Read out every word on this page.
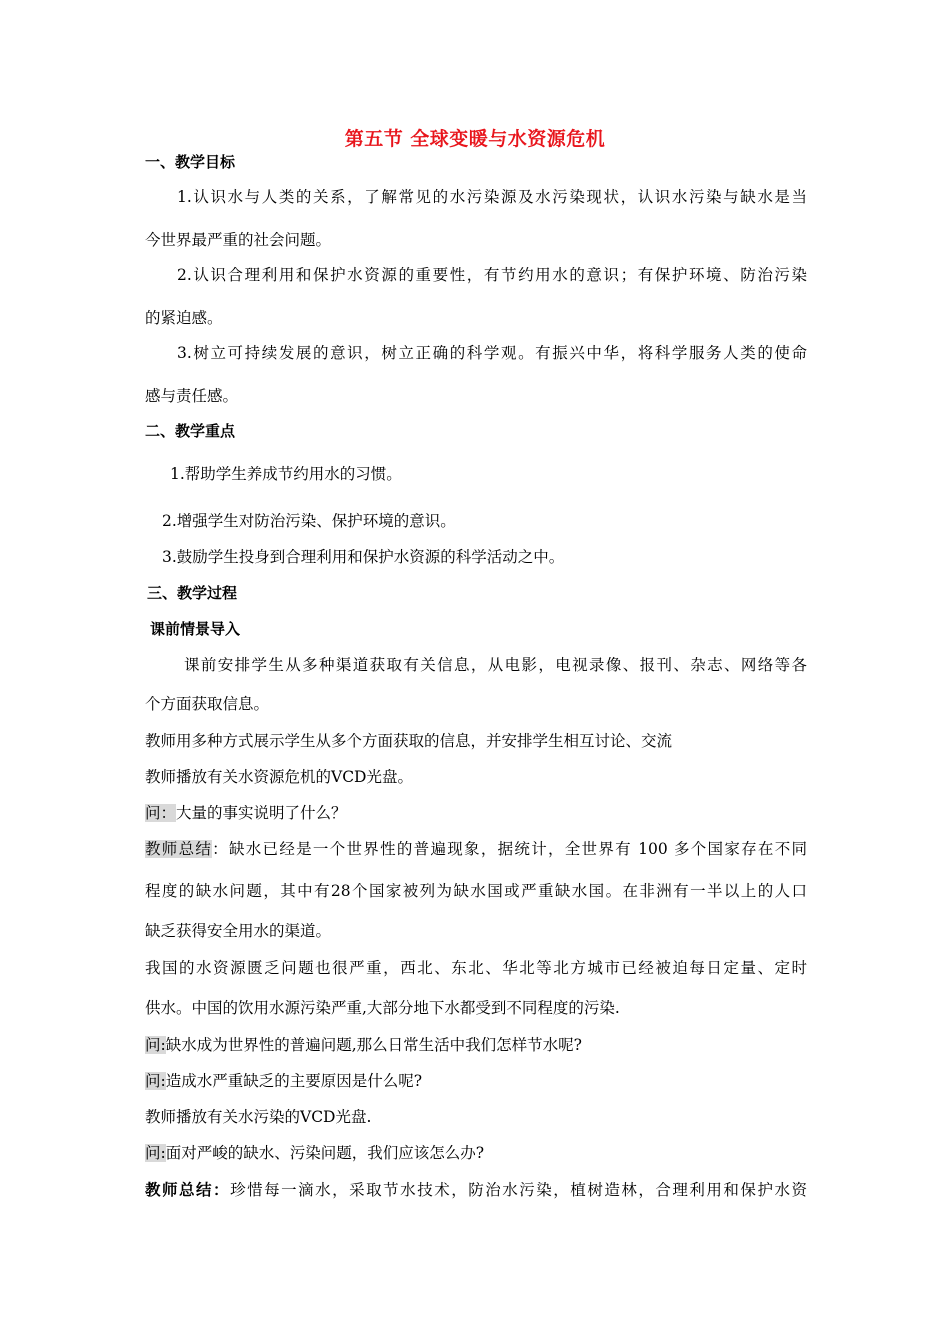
第五节 全球变暖与水资源危机
一、教学目标
1.认识水与人类的关系，了解常见的水污染源及水污染现状，认识水污染与缺水是当
今世界最严重的社会问题。
2.认识合理利用和保护水资源的重要性，有节约用水的意识；有保护环境、防治污染
的紧迫感。
3.树立可持续发展的意识，树立正确的科学观。有振兴中华，将科学服务人类的使命
感与责任感。
二、教学重点
1.帮助学生养成节约用水的习惯。
2.增强学生对防治污染、保护环境的意识。
3.鼓励学生投身到合理利用和保护水资源的科学活动之中。
三、教学过程
课前情景导入
课前安排学生从多种渠道获取有关信息，从电影，电视录像、报刊、杂志、网络等各
个方面获取信息。
教师用多种方式展示学生从多个方面获取的信息，并安排学生相互讨论、交流
教师播放有关水资源危机的VCD光盘。
问：大量的事实说明了什么？
教师总结：缺水已经是一个世界性的普遍现象，据统计，全世界有 100 多个国家存在不同
程度的缺水问题，其中有28个国家被列为缺水国或严重缺水国。在非洲有一半以上的人口
缺乏获得安全用水的渠道。
我国的水资源匮乏问题也很严重，西北、东北、华北等北方城市已经被迫每日定量、定时
供水。中国的饮用水源污染严重,大部分地下水都受到不同程度的污染.
问:缺水成为世界性的普遍问题,那么日常生活中我们怎样节水呢?
问:造成水严重缺乏的主要原因是什么呢?
教师播放有关水污染的VCD光盘.
问:面对严峻的缺水、污染问题，我们应该怎么办?
教师总结：珍惜每一滴水，采取节水技术，防治水污染，植树造林，合理利用和保护水资
